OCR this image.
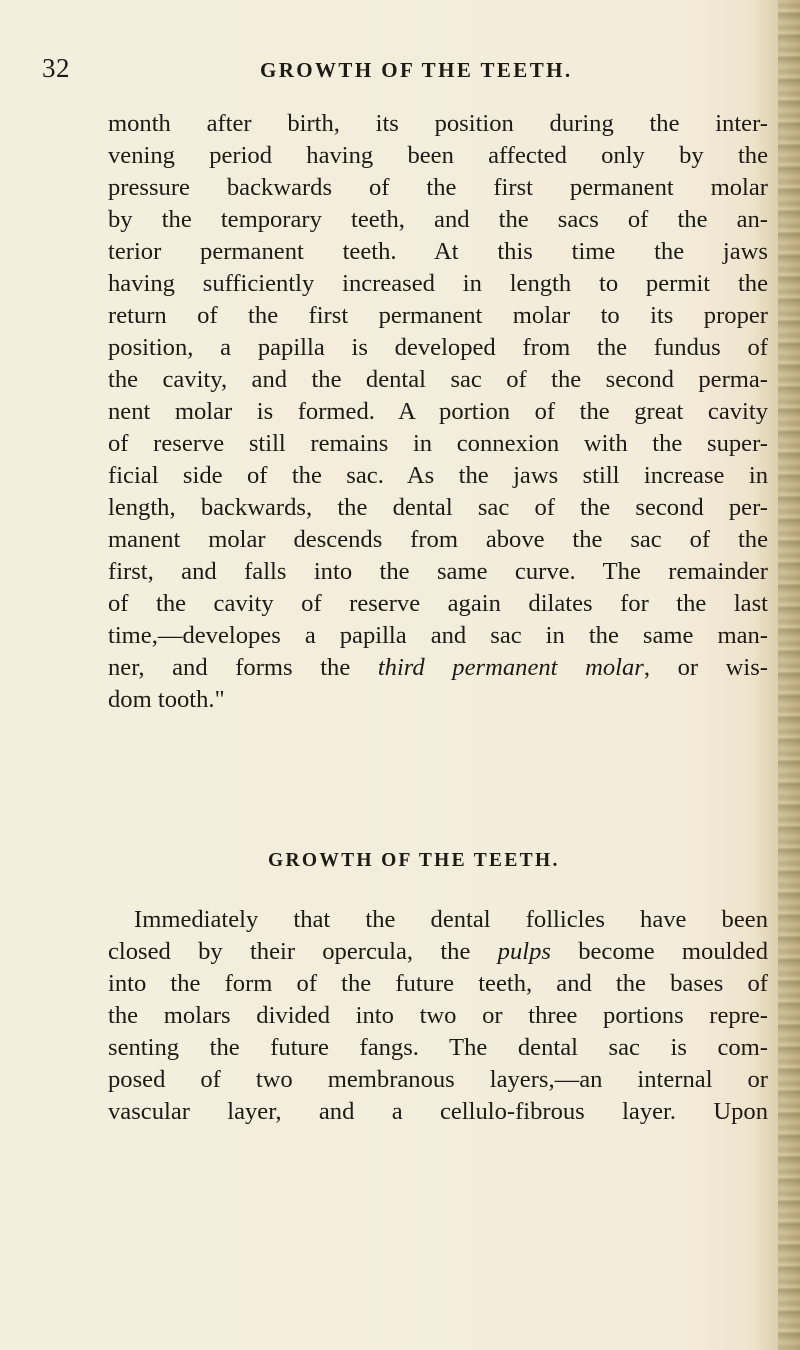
32	GROWTH OF THE TEETH.
month after birth, its position during the inter-
vening period having been affected only by the
pressure backwards of the first permanent molar
by the temporary teeth, and the sacs of the an-
terior permanent teeth. At this time the jaws
having sufficiently increased in length to permit the
return of the first permanent molar to its proper
position, a papilla is developed from the fundus of
the cavity, and the dental sac of the second perma-
nent molar is formed. A portion of the great cavity
of reserve still remains in connexion with the super-
ficial side of the sac. As the jaws still increase in
length, backwards, the dental sac of the second per-
manent molar descends from above the sac of the
first, and falls into the same curve. The remainder
of the cavity of reserve again dilates for the last
time,—developes a papilla and sac in the same man-
ner, and forms the third permanent molar, or wis-
dom tooth."
GROWTH OF THE TEETH.
Immediately that the dental follicles have been
closed by their opercula, the pulps become moulded
into the form of the future teeth, and the bases of
the molars divided into two or three portions repre-
senting the future fangs. The dental sac is com-
posed of two membranous layers,—an internal or
vascular layer, and a cellulo-fibrous layer. Upon
